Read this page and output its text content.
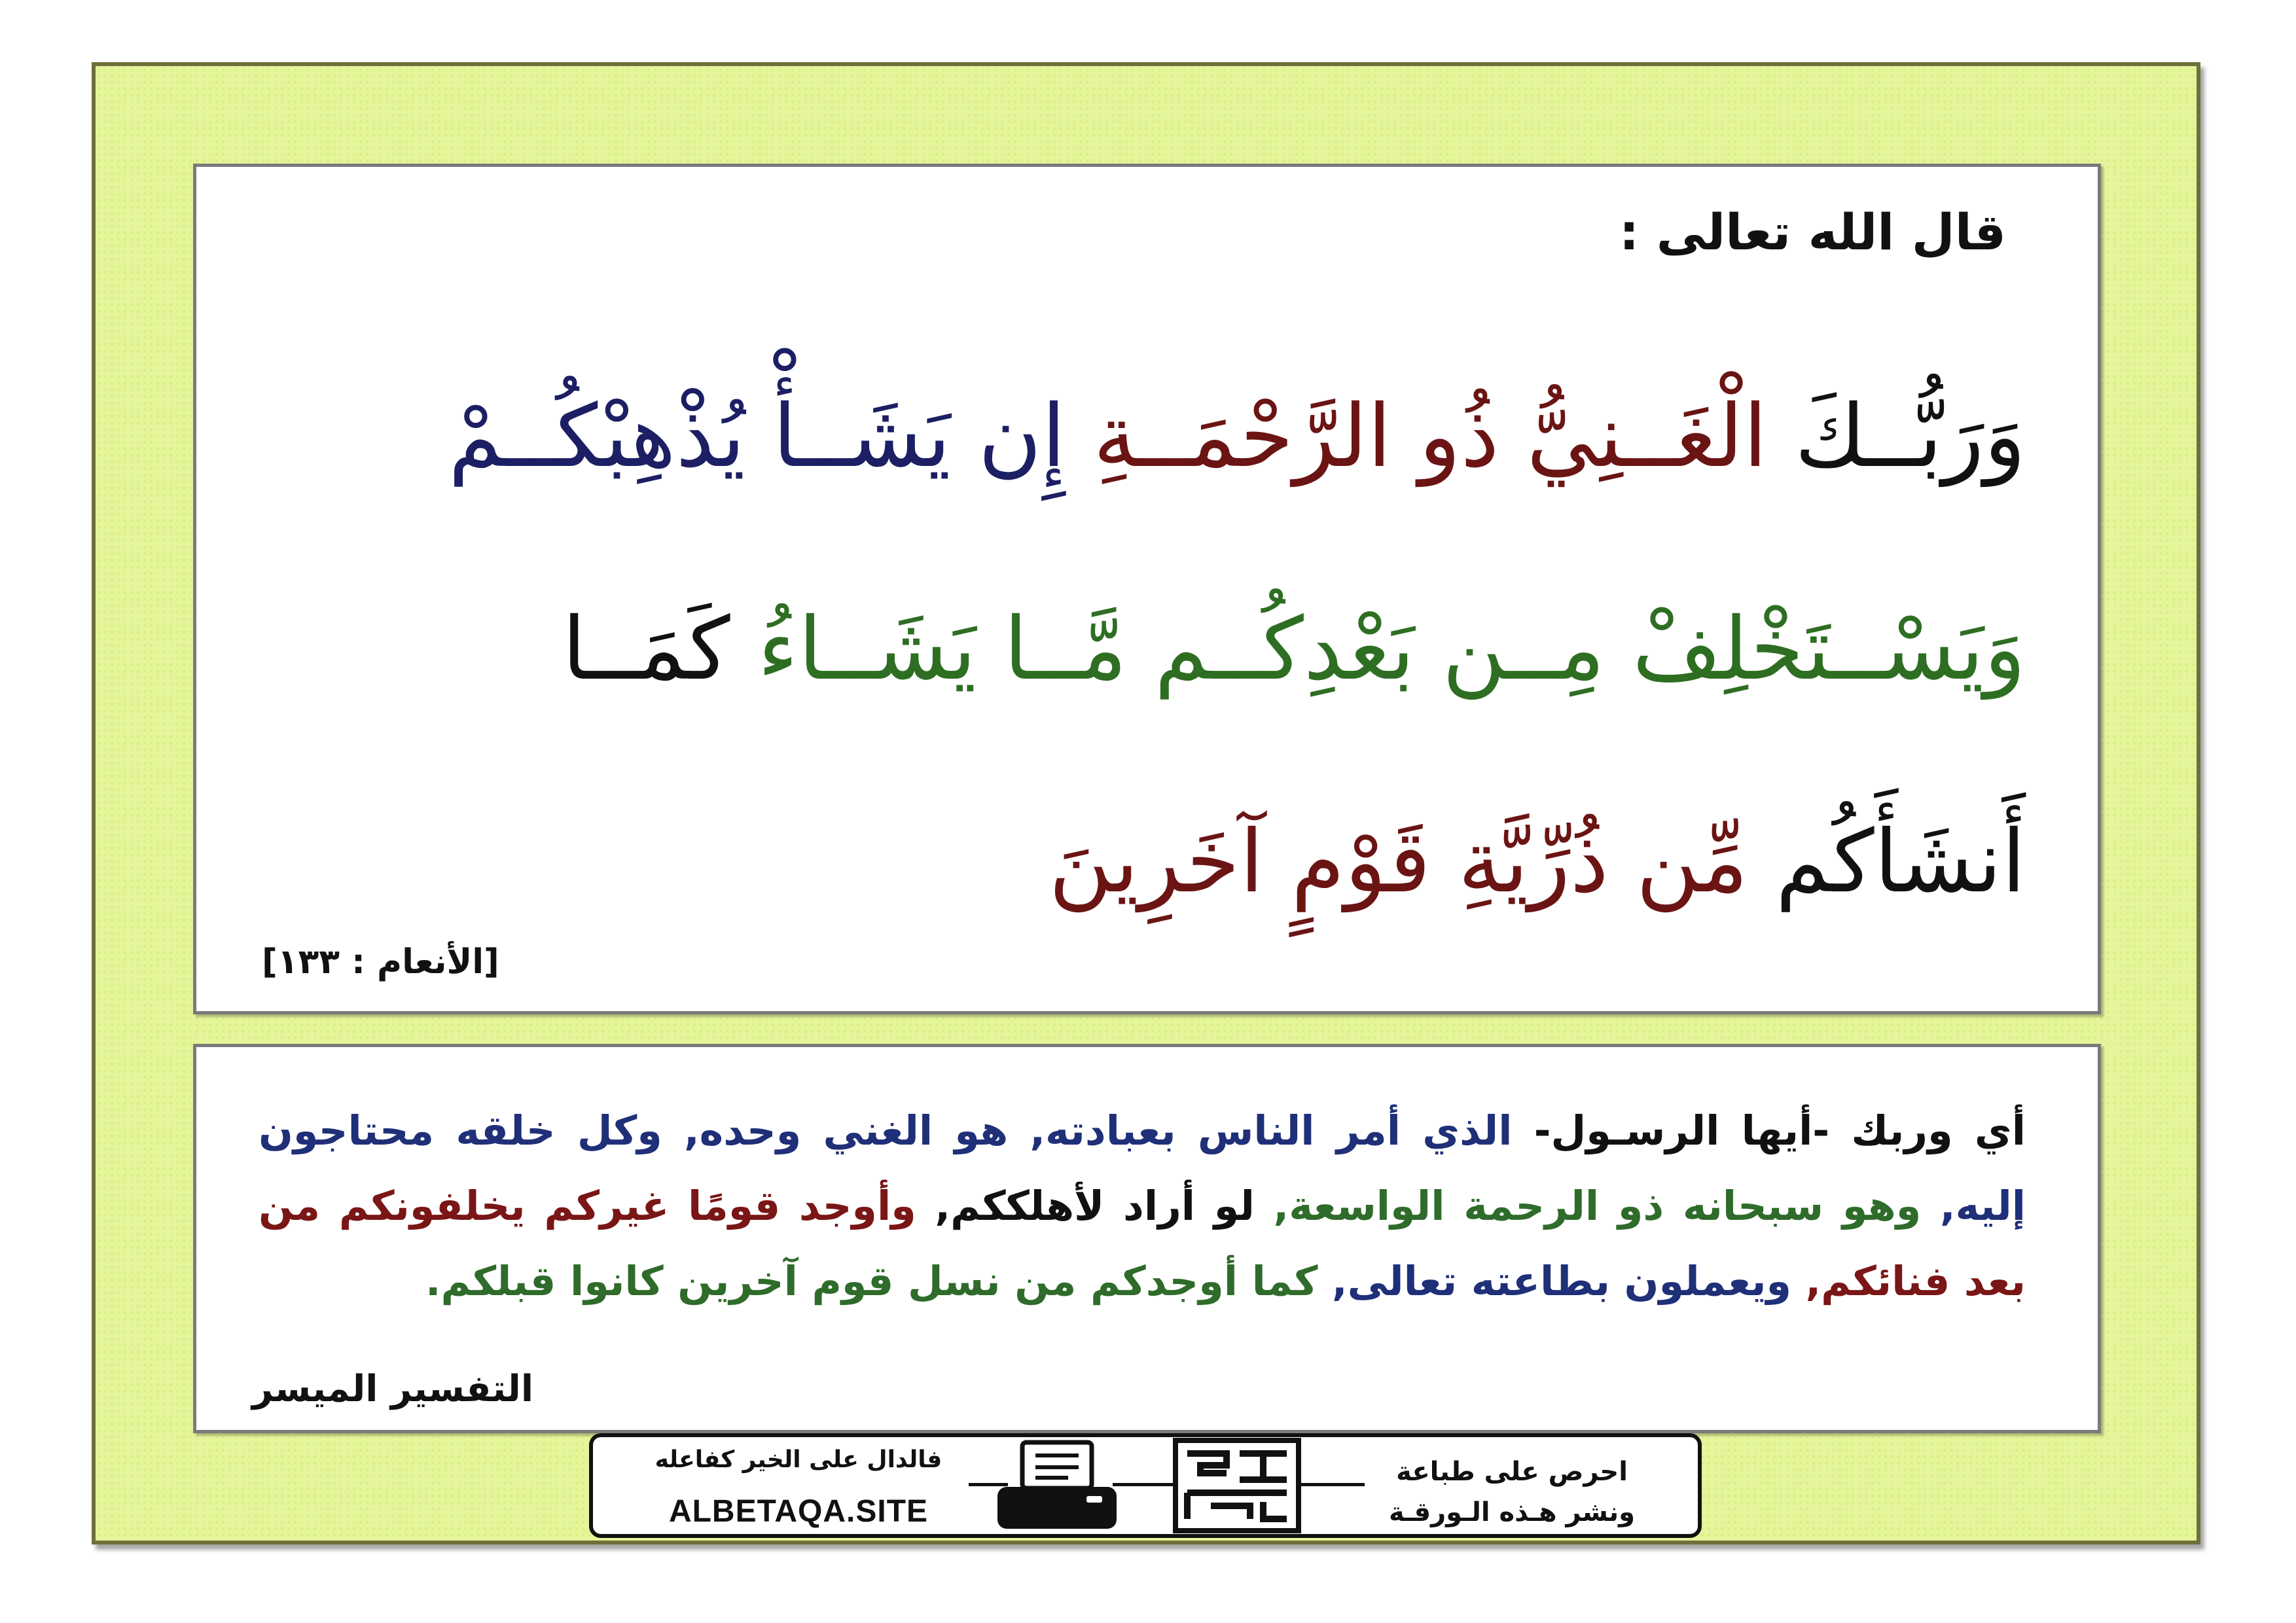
قال الله تعالى :
وَرَبُّــكَ الْغَــنِيُّ ذُو الرَّحْمَــةِ إِن يَشَــأْ يُذْهِبْكُــمْ
وَيَسْــتَخْلِفْ مِــن بَعْدِكُــم مَّــا يَشَــاءُ كَمَــا
أَنشَأَكُم مِّن ذُرِّيَّةِ قَوْمٍ آخَرِينَ
[الأنعام : ١٣٣]
أي وربك -أيها الرسـول- الذي أمر الناس بعبادته, هو الغني وحده, وكل خلقه محتاجون إليه, وهو سبحانه ذو الرحمة الواسعة, لو أراد لأهلككم, وأوجد قومًا غيركم يخلفونكم من بعد فنائكم, ويعملون بطاعته تعالى, كما أوجدكم من نسل قوم آخرين كانوا قبلكم.
التفسير الميسر
فالدال على الخير كفاعله
ALBETAQA.SITE
احرص على طباعة
ونشر هـذه الـورقـة
